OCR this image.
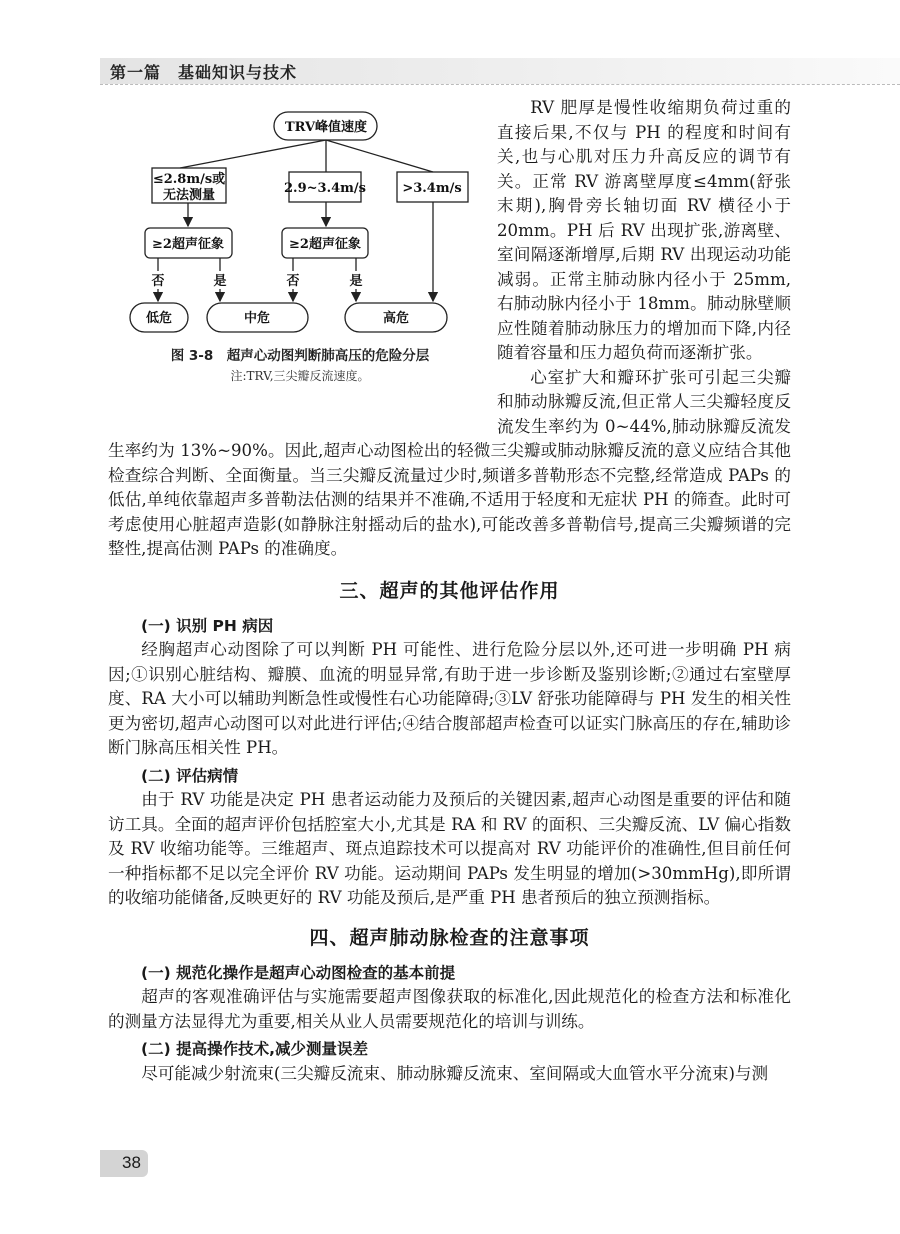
第一篇　基础知识与技术
TRV峰值速度
≤2.8m/s或
无法测量	2.9~3.4m/s	>3.4m/s
≥2超声征象	≥2超声征象
否	是	否	是
低危	中危	高危
图 3-8　超声心动图判断肺高压的危险分层
注:TRV,三尖瓣反流速度。

RV 肥厚是慢性收缩期负荷过重的直接后果,不仅与 PH 的程度和时间有关,也与心肌对压力升高反应的调节有关。正常 RV 游离壁厚度≤4mm(舒张末期),胸骨旁长轴切面 RV 横径小于20mm。PH 后 RV 出现扩张,游离壁、室间隔逐渐增厚,后期 RV 出现运动功能减弱。正常主肺动脉内径小于 25mm,右肺动脉内径小于 18mm。肺动脉壁顺应性随着肺动脉压力的增加而下降,内径随着容量和压力超负荷而逐渐扩张。

心室扩大和瓣环扩张可引起三尖瓣和肺动脉瓣反流,但正常人三尖瓣轻度反流发生率约为 0~44%,肺动脉瓣反流发生率约为 13%~90%。因此,超声心动图检出的轻微三尖瓣或肺动脉瓣反流的意义应结合其他检查综合判断、全面衡量。当三尖瓣反流量过少时,频谱多普勒形态不完整,经常造成 PAPs 的低估,单纯依靠超声多普勒法估测的结果并不准确,不适用于轻度和无症状 PH 的筛查。此时可考虑使用心脏超声造影(如静脉注射摇动后的盐水),可能改善多普勒信号,提高三尖瓣频谱的完整性,提高估测 PAPs 的准确度。

三、超声的其他评估作用
(一) 识别 PH 病因

经胸超声心动图除了可以判断 PH 可能性、进行危险分层以外,还可进一步明确 PH 病因;①识别心脏结构、瓣膜、血流的明显异常,有助于进一步诊断及鉴别诊断;②通过右室壁厚度、RA 大小可以辅助判断急性或慢性右心功能障碍;③LV 舒张功能障碍与 PH 发生的相关性更为密切,超声心动图可以对此进行评估;④结合腹部超声检查可以证实门脉高压的存在,辅助诊断门脉高压相关性 PH。

(二) 评估病情

由于 RV 功能是决定 PH 患者运动能力及预后的关键因素,超声心动图是重要的评估和随访工具。全面的超声评价包括腔室大小,尤其是 RA 和 RV 的面积、三尖瓣反流、LV 偏心指数及 RV 收缩功能等。三维超声、斑点追踪技术可以提高对 RV 功能评价的准确性,但目前任何一种指标都不足以完全评价 RV 功能。运动期间 PAPs 发生明显的增加(>30mmHg),即所谓的收缩功能储备,反映更好的 RV 功能及预后,是严重 PH 患者预后的独立预测指标。

四、超声肺动脉检查的注意事项
(一) 规范化操作是超声心动图检查的基本前提

超声的客观准确评估与实施需要超声图像获取的标准化,因此规范化的检查方法和标准化的测量方法显得尤为重要,相关从业人员需要规范化的培训与训练。

(二) 提高操作技术,减少测量误差

尽可能减少射流束(三尖瓣反流束、肺动脉瓣反流束、室间隔或大血管水平分流束)与测

38
